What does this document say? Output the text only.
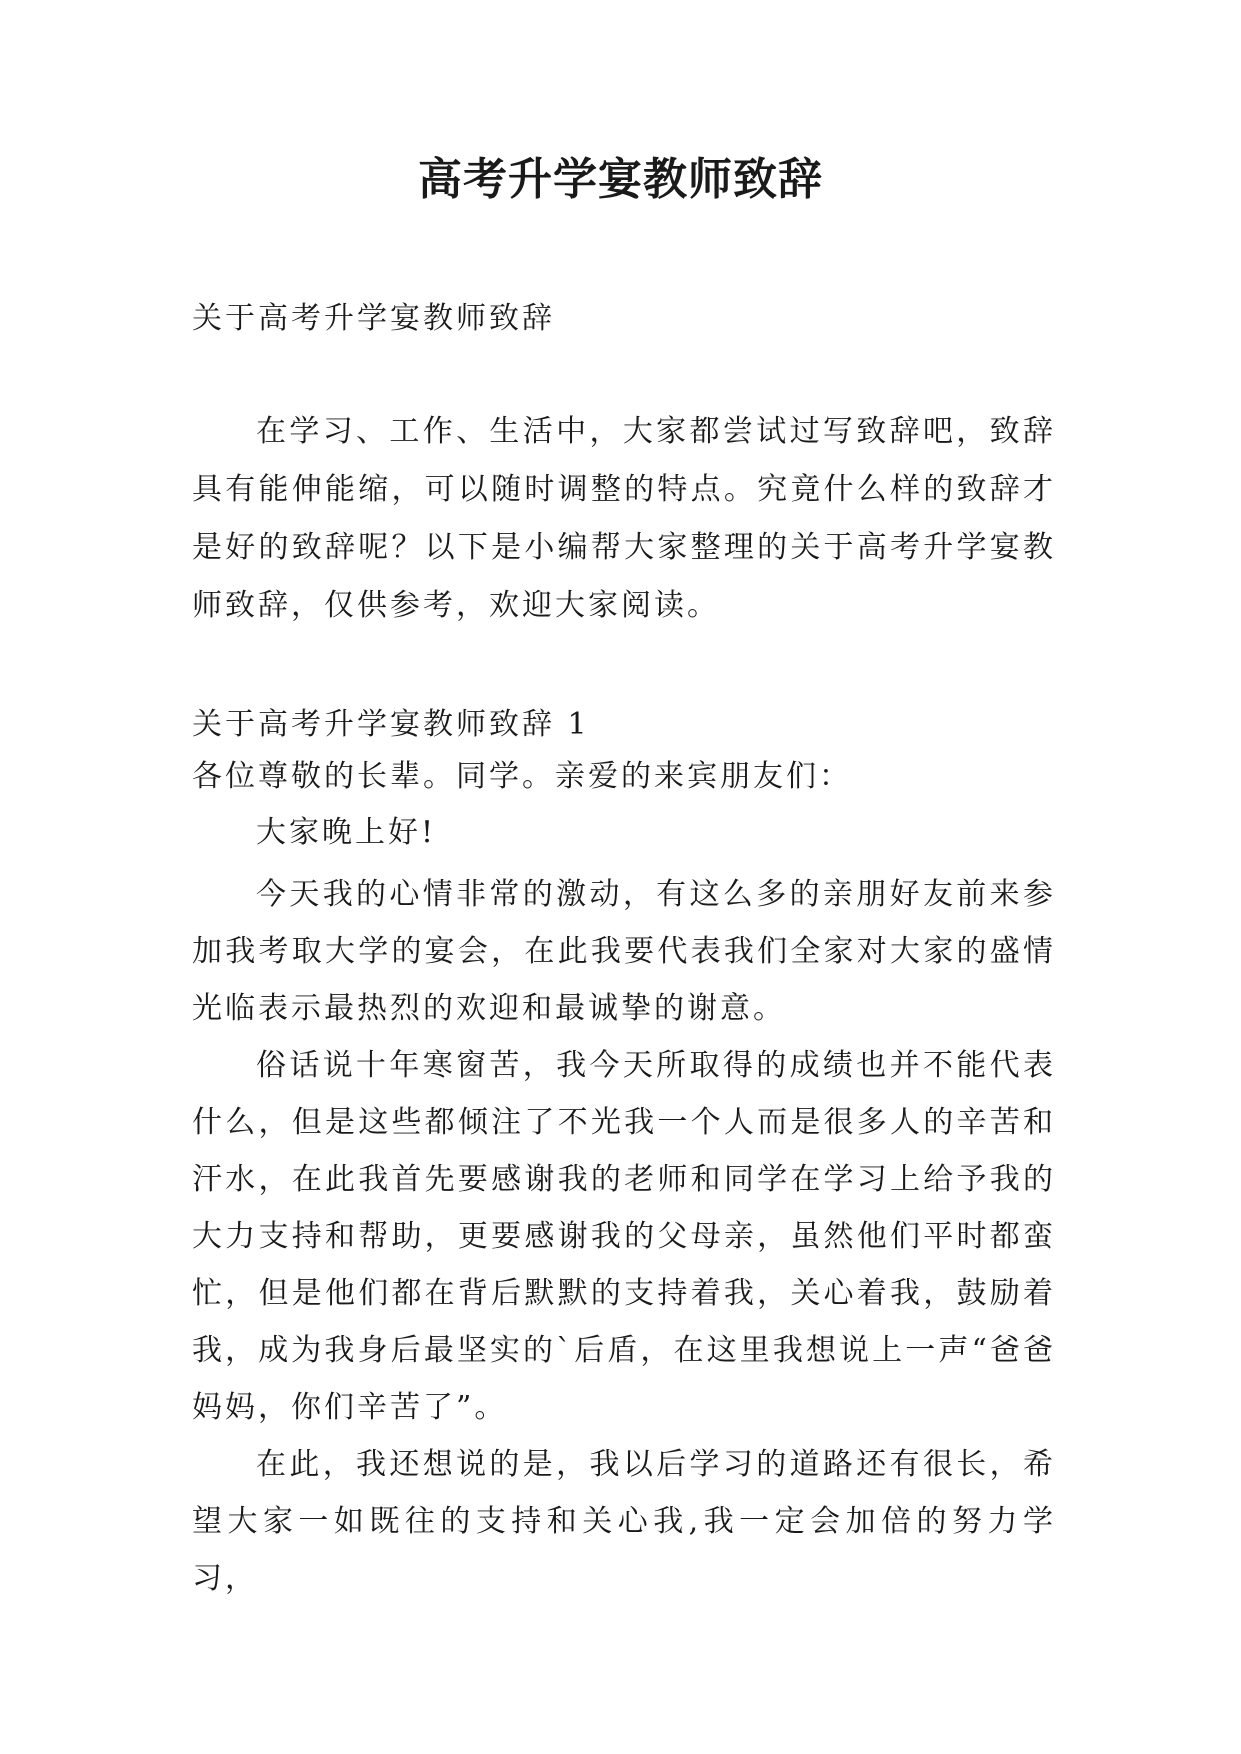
高考升学宴教师致辞
关于高考升学宴教师致辞

在学习、工作、生活中，大家都尝试过写致辞吧，致辞具有能伸能缩，可以随时调整的特点。究竟什么样的致辞才是好的致辞呢？以下是小编帮大家整理的关于高考升学宴教师致辞，仅供参考，欢迎大家阅读。

关于高考升学宴教师致辞 1
各位尊敬的长辈。同学。亲爱的来宾朋友们：
大家晚上好!

今天我的心情非常的激动，有这么多的亲朋好友前来参加我考取大学的宴会，在此我要代表我们全家对大家的盛情光临表示最热烈的欢迎和最诚挚的谢意。

俗话说十年寒窗苦，我今天所取得的成绩也并不能代表什么，但是这些都倾注了不光我一个人而是很多人的辛苦和汗水，在此我首先要感谢我的老师和同学在学习上给予我的大力支持和帮助，更要感谢我的父母亲，虽然他们平时都蛮忙，但是他们都在背后默默的支持着我，关心着我，鼓励着我，成为我身后最坚实的`后盾，在这里我想说上一声“爸爸妈妈，你们辛苦了”。

在此，我还想说的是，我以后学习的道路还有很长，希望大家一如既往的支持和关心我,我一定会加倍的努力学习，
